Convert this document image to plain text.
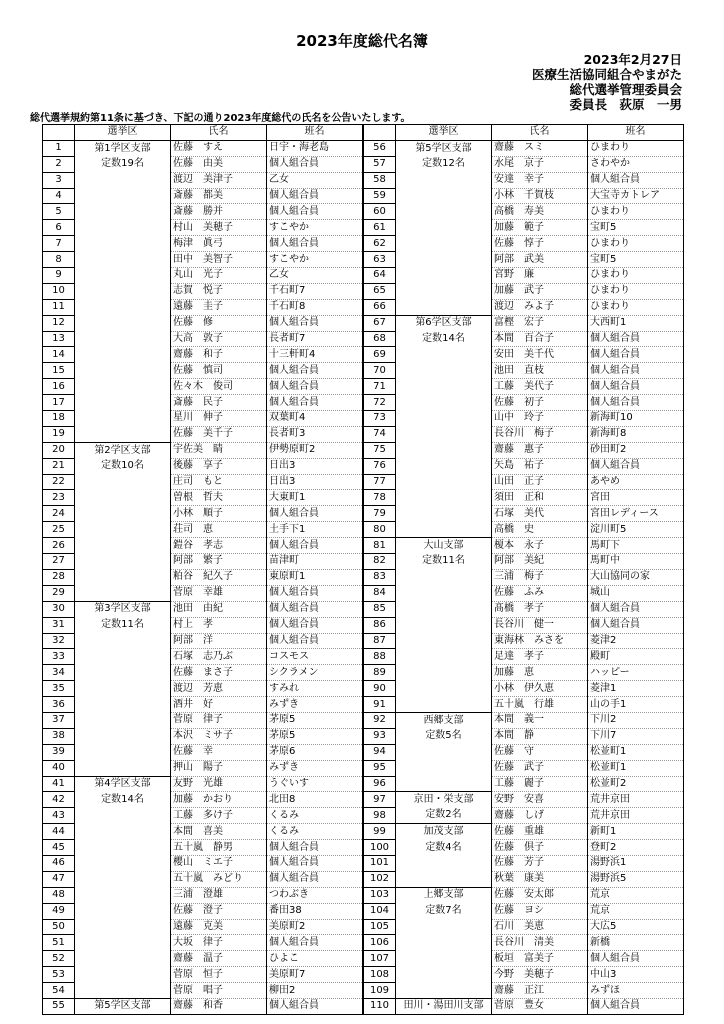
2023年度総代名簿
2023年2月27日
医療生活協同組合やまがた
総代選挙管理委員会
委員長　荻原　一男
総代選挙規約第11条に基づき、下記の通り2023年度総代の氏名を公告いたします。
	選挙区	氏名	班名
1	第1学区支部	佐藤　すえ	日宇・海老島
2	定数19名	佐藤　由美	個人組合員
3		渡辺　美津子	乙女
4		斎藤　都美	個人組合員
5		斎藤　勝并	個人組合員
6		村山　美穂子	すこやか
7		梅津　眞弓	個人組合員
8		田中　美智子	すこやか
9		丸山　光子	乙女
10		志賀　悦子	千石町7
11		遠藤　圭子	千石町8
12		佐藤　修	個人組合員
13		大高　敦子	長者町7
14		齋藤　和子	十三軒町4
15		佐藤　慎司	個人組合員
16		佐々木　俊司	個人組合員
17		斎藤　民子	個人組合員
18		星川　伸子	双葉町4
19		佐藤　美千子	長者町3
20	第2学区支部	宇佐美　睛	伊勢原町2
21	定数10名	後藤　享子	日出3
22		庄司　もと	日出3
23		曽根　哲夫	大東町1
24		小林　順子	個人組合員
25		荘司　恵	土手下1
26		鎧谷　孝志	個人組合員
27		阿部　繁子	苗津町
28		粕谷　紀久子	東原町1
29		菅原　幸雄	個人組合員
30	第3学区支部	池田　由紀	個人組合員
31	定数11名	村上　孝	個人組合員
32		阿部　洋	個人組合員
33		石塚　志乃ぶ	コスモス
34		佐藤　まさ子	シクラメン
35		渡辺　芳恵	すみれ
36		酒井　好	みずき
37		菅原　律子	茅原5
38		本沢　ミサ子	茅原5
39		佐藤　幸	茅原6
40		押山　陽子	みずき
41	第4学区支部	友野　光雄	うぐいす
42	定数14名	加藤　かおり	北田8
43		工藤　多け子	くるみ
44		本間　喜美	くるみ
45		五十嵐　静男	個人組合員
46		櫻山　ミエ子	個人組合員
47		五十嵐　みどり	個人組合員
48		三浦　澄雄	つわぶき
49		佐藤　澄子	番田38
50		遠藤　克美	美原町2
51		大坂　律子	個人組合員
52		齋藤　温子	ひよこ
53		菅原　恒子	美原町7
54		菅原　唱子	柳田2
55	第5学区支部	齋藤　和香	個人組合員
	選挙区	氏名	班名
56	第5学区支部	齋藤　スミ	ひまわり
57	定数12名	水尾　京子	さわやか
58		安達　幸子	個人組合員
59		小林　千賀枝	大宝寺カトレア
60		高橋　寿美	ひまわり
61		加藤　範子	宝町5
62		佐藤　惇子	ひまわり
63		阿部　武美	宝町5
64		宮野　廉	ひまわり
65		加藤　武子	ひまわり
66		渡辺　みよ子	ひまわり
67	第6学区支部	富樫　宏子	大西町1
68	定数14名	本間　百合子	個人組合員
69		安田　美千代	個人組合員
70		池田　直枝	個人組合員
71		工藤　美代子	個人組合員
72		佐藤　初子	個人組合員
73		山中　玲子	新海町10
74		長谷川　梅子	新海町8
75		齋藤　惠子	砂田町2
76		矢島　祐子	個人組合員
77		山田　正子	あやめ
78		須田　正和	宮田
79		石塚　美代	宮田レディース
80		高橋　史	淀川町5
81	大山支部	榎本　永子	馬町下
82	定数11名	阿部　美紀	馬町中
83		三浦　梅子	大山協同の家
84		佐藤　ふみ	城山
85		髙橋　孝子	個人組合員
86		長谷川　健一	個人組合員
87		東海林　みさを	菱津2
88		足達　孝子	殿町
89		加藤　恵	ハッピー
90		小林　伊久恵	菱津1
91		五十嵐　行雄	山の手1
92	西郷支部	本間　義一	下川2
93	定数5名	本間　静	下川7
94		佐藤　守	松並町1
95		佐藤　武子	松並町1
96		工藤　麗子	松並町2
97	京田・栄支部	安野　安喜	荒井京田
98	定数2名	齋藤　しげ	荒井京田
99	加茂支部	佐藤　重雄	新町1
100	定数4名	佐藤　倶子	登町2
101		佐藤　芳子	湯野浜1
102		秋葉　康美	湯野浜5
103	上郷支部	佐藤　安太郎	荒京
104	定数7名	佐藤　ヨシ	荒京
105		石川　美恵	大広5
106		長谷川　清美	新橋
107		板垣　富美子	個人組合員
108		今野　美穂子	中山3
109		齋藤　正江	みずほ
110	田川・湯田川支部	菅原　豊女	個人組合員
